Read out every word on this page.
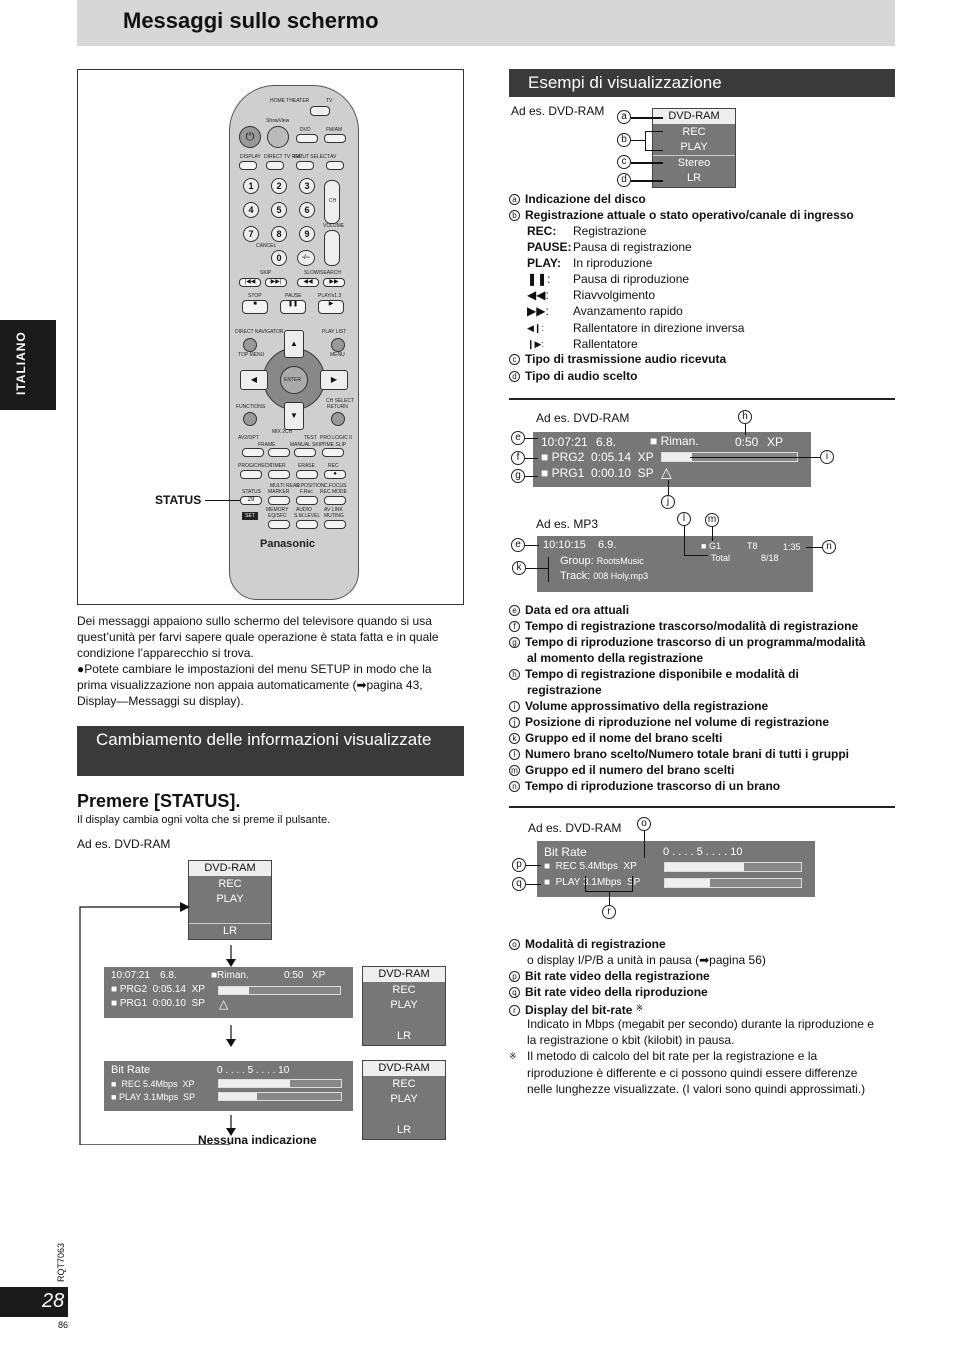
Messaggi sullo schermo
ITALIANO
HOME THEATER	TV
ShowView
⏻
DVD	FM/AM
DISPLAY DIRECT TV REC
INPUT SELECT AV
1	2	3
4	5	6
7	8	9
CANCEL
0	-/--
CH
VOLUME
SKIP	SLOW/SEARCH
|◀◀	▶▶|	◀◀	▶▶
STOP	PAUSE	PLAY/x1.3
■	❚❚	▶
DIRECT NAVIGATOR	PLAY LIST
TOP MENU	MENU
▲
▼
◀	▶
ENTER
FUNCTIONS
CH SELECT
RETURN
MIX 2CH
AV2/OPT	TEST PRO LOGIC II
FRAME	MANUAL SKIP
TIME SLIP
PROG/CHECK
TIMER ERASE	REC
●
MULTI REAR
S.POSITION C.FOCUS
STATUS MARKER F.Rec REC MODE
29
MEMORY AUDIO AV LINK
SET	EQ/SFC S.W.LEVEL MUTING
Panasonic
STATUS
Dei messaggi appaiono sullo schermo del televisore quando si usa quest’unità per farvi sapere quale operazione è stata fatta e in quale condizione l’apparecchio si trova.
●Potete cambiare le impostazioni del menu SETUP in modo che la prima visualizzazione non appaia automaticamente (➡pagina 43, Display—Messaggi su display).
Cambiamento delle informazioni visualizzate
Premere [STATUS].
Il display cambia ogni volta che si preme il pulsante.
Ad es. DVD-RAM
DVD-RAM
REC
PLAY
LR
10:07:21 6.8.	■Riman.	0:50 XP
■ PRG2 0:05.14 XP
■ PRG1 0:00.10 SP △
DVD-RAM
REC
PLAY
LR
Bit Rate	0 . . . . 5 . . . . 10
■  REC 5.4Mbps XP
■ PLAY 3.1Mbps SP
DVD-RAM
REC
PLAY
LR
Nessuna indicazione
Esempi di visualizzazione
Ad es. DVD-RAM	DVD-RAM
REC
PLAY
Stereo
LR
a
b
c
d
a Indicazione del disco
b Registrazione attuale o stato operativo/canale di ingresso
REC: Registrazione
PAUSE: Pausa di registrazione
PLAY: In riproduzione
❚❚: Pausa di riproduzione
◀◀: Riavvolgimento
▶▶: Avanzamento rapido
◀❙: Rallentatore in direzione inversa
❙▶: Rallentatore
c Tipo di trasmissione audio ricevuta
d Tipo di audio scelto
Ad es. DVD-RAM
10:07:21 6.8.	■ Riman.	0:50 XP
■ PRG2 0:05.14 XP
■ PRG1 0:00.10 SP △
e
f
g
h
i
j
Ad es. MP3
10:10:15 6.9.
Group: RootsMusic
Track: 008 Holy.mp3
■ G1	T8	1:35
Total	8/18
e
k
l	m
n
e Data ed ora attuali
f Tempo di registrazione trascorso/modalità di registrazione
g Tempo di riproduzione trascorso di un programma/modalità
al momento della registrazione
h Tempo di registrazione disponibile e modalità di
registrazione
i Volume approssimativo della registrazione
j Posizione di riproduzione nel volume di registrazione
k Gruppo ed il nome del brano scelti
l Numero brano scelto/Numero totale brani di tutti i gruppi
m Gruppo ed il numero del brano scelti
n Tempo di riproduzione trascorso di un brano
Ad es. DVD-RAM
Bit Rate	0 . . . . 5 . . . . 10
■  REC 5.4Mbps XP
■  PLAY 3.1Mbps SP
o
p
q
r
o Modalità di registrazione
o display I/P/B a unità in pausa (➡pagina 56)
p Bit rate video della registrazione
q Bit rate video della riproduzione
r Display del bit-rate ※
Indicato in Mbps (megabit per secondo) durante la riproduzione e
la registrazione o kbit (kilobit) in pausa.
※ Il metodo di calcolo del bit rate per la registrazione e la
riproduzione è differente e ci possono quindi essere differenze
nelle lunghezze visualizzate. (I valori sono quindi approssimati.)
RQT7063
28
86
